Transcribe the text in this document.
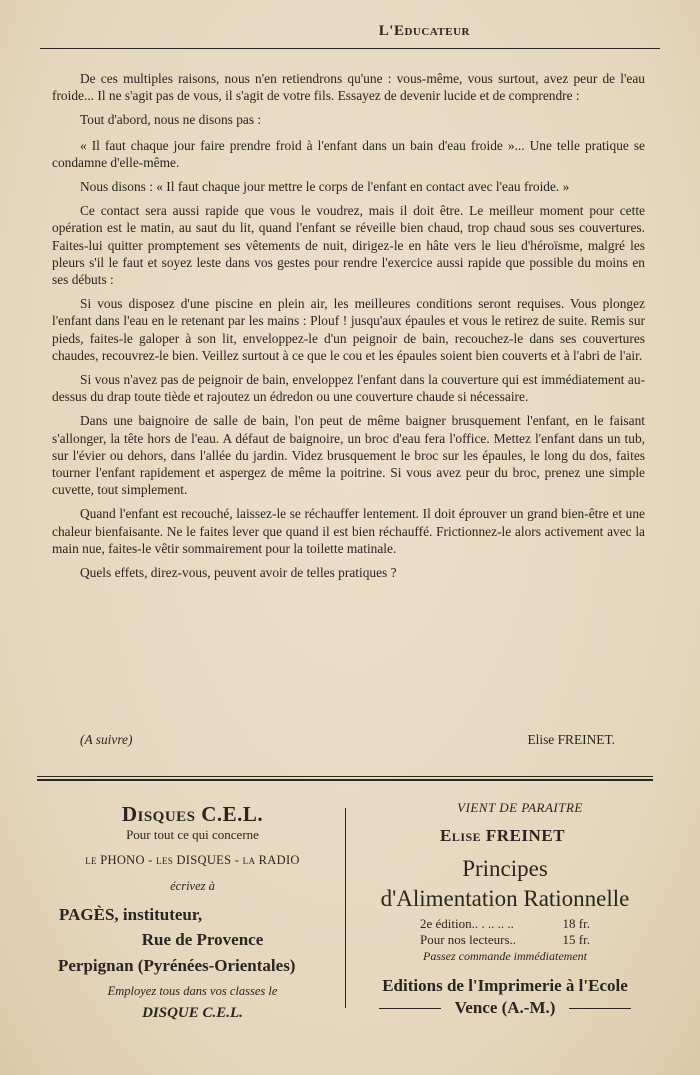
L'Educateur

De ces multiples raisons, nous n'en retiendrons qu'une : vous-même, vous surtout, avez peur de l'eau froide... Il ne s'agit pas de vous, il s'agit de votre fils. Essayez de devenir lucide et de comprendre :

Tout d'abord, nous ne disons pas :

« Il faut chaque jour faire prendre froid à l'enfant dans un bain d'eau froide »... Une telle pratique se condamne d'elle-même.

Nous disons : « Il faut chaque jour mettre le corps de l'enfant en contact avec l'eau froide. »

Ce contact sera aussi rapide que vous le voudrez, mais il doit être. Le meilleur moment pour cette opération est le matin, au saut du lit, quand l'enfant se réveille bien chaud, trop chaud sous ses couvertures. Faites-lui quitter promptement ses vêtements de nuit, dirigez-le en hâte vers le lieu d'héroïsme, malgré les pleurs s'il le faut et soyez leste dans vos gestes pour rendre l'exercice aussi rapide que possible du moins en ses débuts :

Si vous disposez d'une piscine en plein air, les meilleures conditions seront requises. Vous plongez l'enfant dans l'eau en le retenant par les mains : Plouf ! jusqu'aux épaules et vous le retirez de suite. Remis sur pieds, faites-le galoper à son lit, enveloppez-le d'un peignoir de bain, recouchez-le dans ses couvertures chaudes, recouvrez-le bien. Veillez surtout à ce que le cou et les épaules soient bien couverts et à l'abri de l'air.

Si vous n'avez pas de peignoir de bain, enveloppez l'enfant dans la couverture qui est immédiatement au-dessus du drap toute tiède et rajoutez un édredon ou une couverture chaude si nécessaire.

Dans une baignoire de salle de bain, l'on peut de même baigner brusquement l'enfant, en le faisant s'allonger, la tête hors de l'eau. A défaut de baignoire, un broc d'eau fera l'office. Mettez l'enfant dans un tub, sur l'évier ou dehors, dans l'allée du jardin. Videz brusquement le broc sur les épaules, le long du dos, faites tourner l'enfant rapidement et aspergez de même la poitrine. Si vous avez peur du broc, prenez une simple cuvette, tout simplement.

Quand l'enfant est recouché, laissez-le se réchauffer lentement. Il doit éprouver un grand bien-être et une chaleur bienfaisante. Ne le faites lever que quand il est bien réchauffé. Frictionnez-le alors activement avec la main nue, faites-le vêtir sommairement pour la toilette matinale.

Quels effets, direz-vous, peuvent avoir de telles pratiques ?

(A suivre)	Elise FREINET.
Disques C.E.L.
Pour tout ce qui concerne
le PHONO - les DISQUES - la RADIO
écrivez à
PAGÈS, instituteur,
Rue de Provence
Perpignan (Pyrénées-Orientales)
Employez tous dans vos classes le
DISQUE C.E.L.
VIENT DE PARAITRE
Elise FREINET
Principes
d'Alimentation Rationnelle
2e édition.. . .. .. ..	18 fr.
Pour nos lecteurs..	15 fr.
Passez commande immédiatement
Editions de l'Imprimerie à l'Ecole
Vence (A.-M.)
